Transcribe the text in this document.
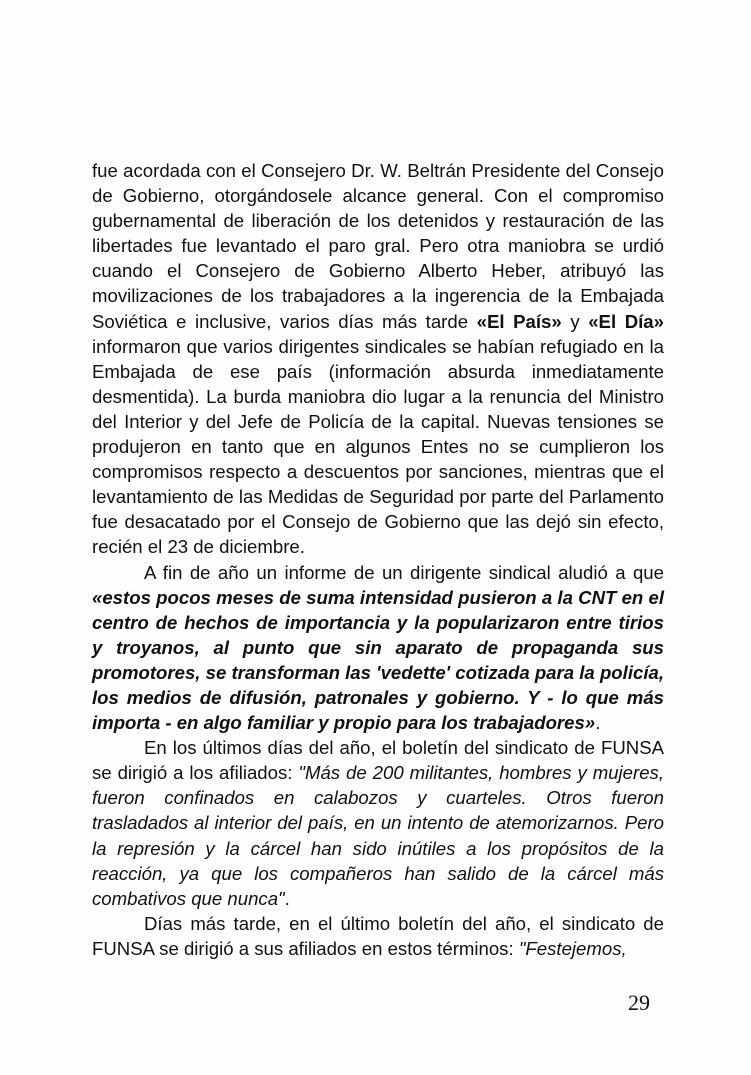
fue acordada con el Consejero Dr. W. Beltrán Presidente del Consejo de Gobierno, otorgándosele alcance general. Con el compromiso gubernamental de liberación de los detenidos y restauración de las libertades fue levantado el paro gral. Pero otra maniobra se urdió cuando el Consejero de Gobierno Alberto Heber, atribuyó las movilizaciones de los trabajadores a la ingerencia de la Embajada Soviética e inclusive, varios días más tarde «El País» y «El Día» informaron que varios dirigentes sindicales se habían refugiado en la Embajada de ese país (información absurda inmediatamente desmentida). La burda maniobra dio lugar a la renuncia del Ministro del Interior y del Jefe de Policía de la capital. Nuevas tensiones se produjeron en tanto que en algunos Entes no se cumplieron los compromisos respecto a descuentos por sanciones, mientras que el levantamiento de las Medidas de Seguridad por parte del Parlamento fue desacatado por el Consejo de Gobierno que las dejó sin efecto, recién el 23 de diciembre.

A fin de año un informe de un dirigente sindical aludió a que «estos pocos meses de suma intensidad pusieron a la CNT en el centro de hechos de importancia y la popularizaron entre tirios y troyanos, al punto que sin aparato de propaganda sus promotores, se transforman las 'vedette' cotizada para la policía, los medios de difusión, patronales y gobierno. Y - lo que más importa - en algo familiar y propio para los trabajadores».

En los últimos días del año, el boletín del sindicato de FUNSA se dirigió a los afiliados: "Más de 200 militantes, hombres y mujeres, fueron confinados en calabozos y cuarteles. Otros fueron trasladados al interior del país, en un intento de atemorizarnos. Pero la represión y la cárcel han sido inútiles a los propósitos de la reacción, ya que los compañeros han salido de la cárcel más combativos que nunca".

Días más tarde, en el último boletín del año, el sindicato de FUNSA se dirigió a sus afiliados en estos términos: "Festejemos,

29
